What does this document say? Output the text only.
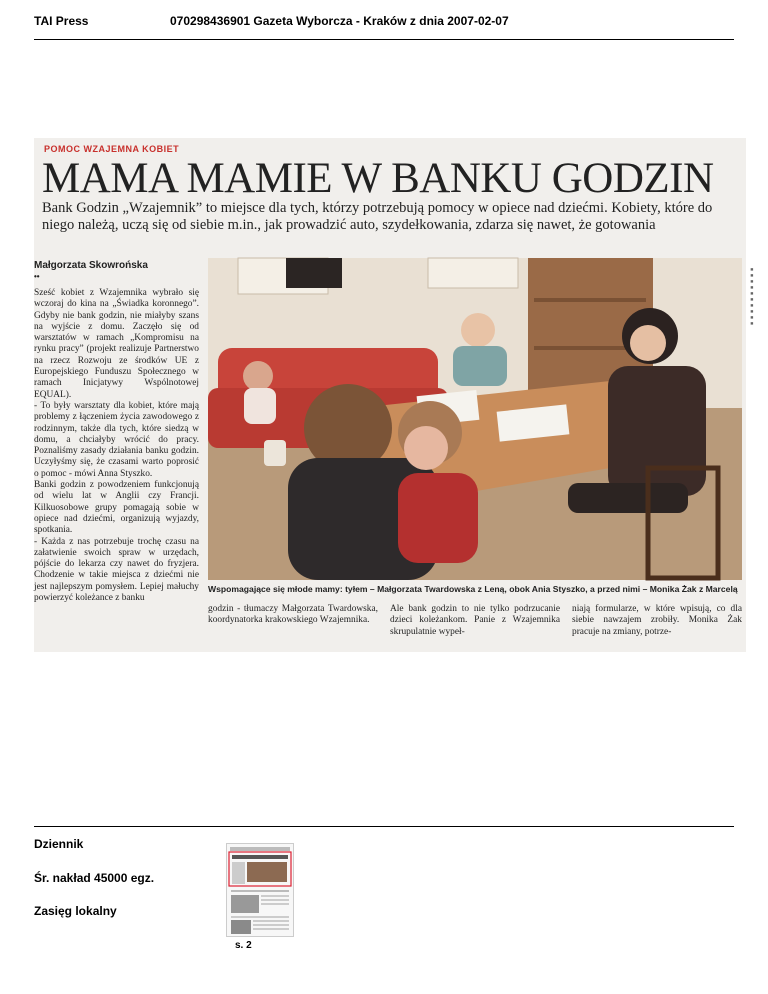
TAI Press	070298436901 Gazeta Wyborcza - Kraków z dnia 2007-02-07
POMOC WZAJEMNA KOBIET
MAMA MAMIE W BANKU GODZIN
Bank Godzin „Wzajemnik” to miejsce dla tych, którzy potrzebują pomocy w opiece nad dziećmi. Kobiety, które do niego należą, uczą się od siebie m.in., jak prowadzić auto, szydełkowania, zdarza się nawet, że gotowania
Małgorzata Skowrońska
••

Sześć kobiet z Wzajemnika wybrało się wczoraj do kina na „Świadka koronnego”. Gdyby nie bank godzin, nie miałyby szans na wyjście z domu. Zaczęło się od warsztatów w ramach „Kompromisu na rynku pracy” (projekt realizuje Partnerstwo na rzecz Rozwoju ze środków UE z Europejskiego Funduszu Społecznego w ramach Inicjatywy Wspólnotowej EQUAL).

- To były warsztaty dla kobiet, które mają problemy z łączeniem życia zawodowego z rodzinnym, także dla tych, które siedzą w domu, a chciałyby wrócić do pracy. Poznaliśmy zasady działania banku godzin. Uczyłyśmy się, że czasami warto poprosić o pomoc - mówi Anna Styszko.

Banki godzin z powodzeniem funkcjonują od wielu lat w Anglii czy Francji. Kilkuosobowe grupy pomagają sobie w opiece nad dziećmi, organizują wyjazdy, spotkania.

- Każda z nas potrzebuje trochę czasu na załatwienie swoich spraw w urzędach, pójście do lekarza czy nawet do fryzjera. Chodzenie w takie miejsca z dziećmi nie jest najlepszym pomysłem. Lepiej małuchy powierzyć koleżance z banku

Wspomagające się młode mamy: tyłem – Małgorzata Twardowska z Leną, obok Ania Styszko, a przed nimi – Monika Żak z Marcelą
godzin - tłumaczy Małgorzata Twardowska, koordynatorka krakowskiego Wzajemnika.
Ale bank godzin to nie tylko podrzucanie dzieci koleżankom. Panie z Wzajemnika skrupulatnie wypeł-
niają formularze, w które wpisują, co dla siebie nawzajem zrobiły. Monika Żak pracuje na zmiany, potrze-
■■■■■■■■■■
Dziennik
Śr. nakład 45000 egz.
Zasięg lokalny
s. 2
